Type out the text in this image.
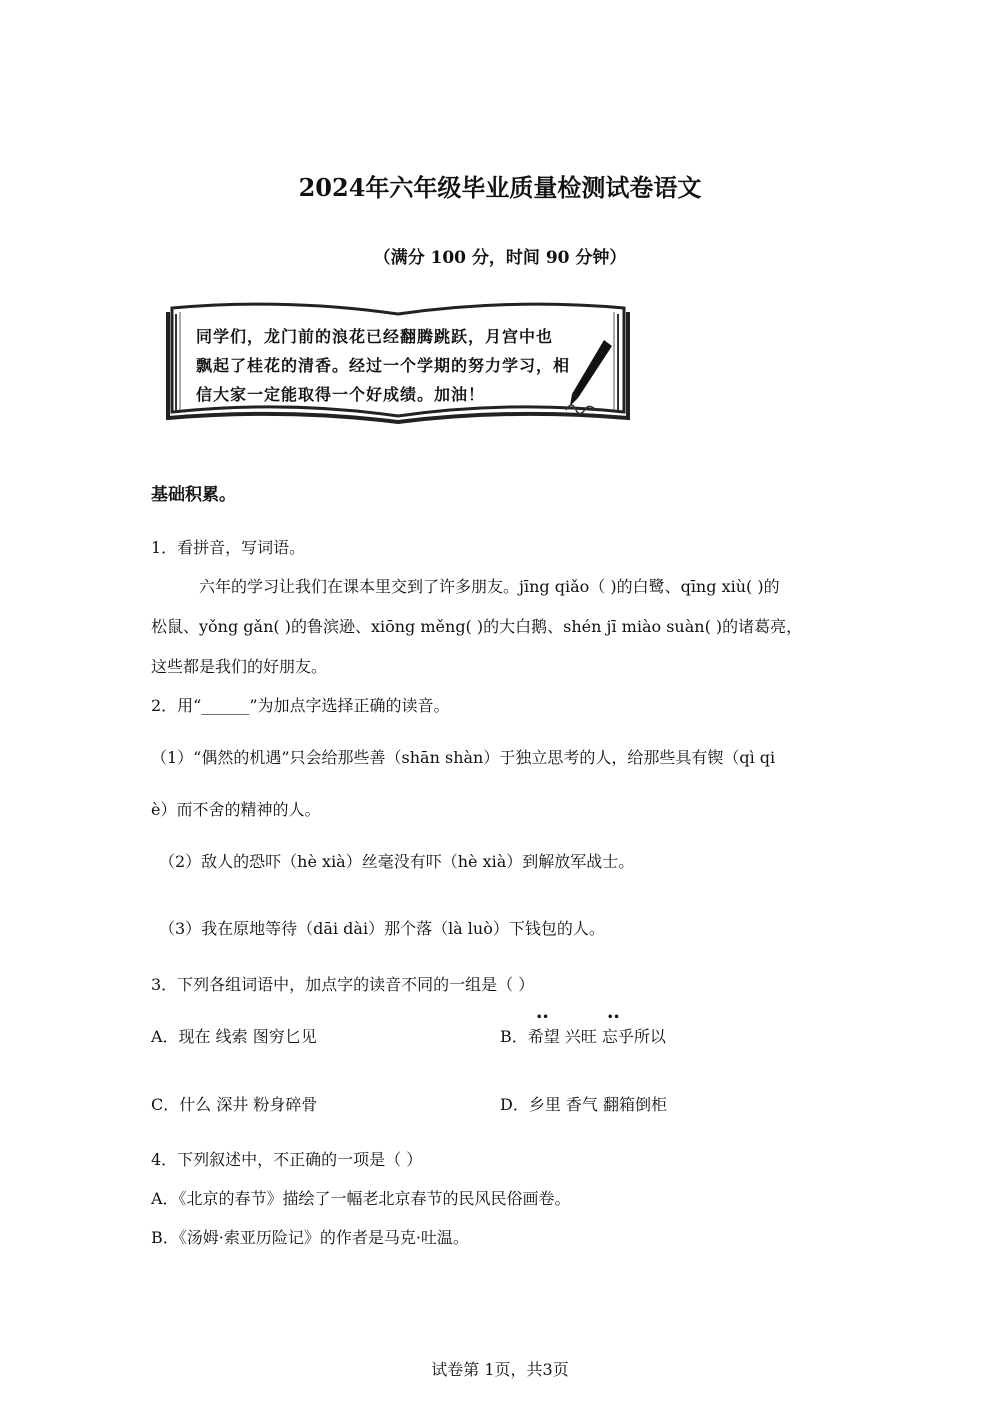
2024年六年级毕业质量检测试卷语文
（满分 100 分，时间 90 分钟）
同学们，龙门前的浪花已经翻腾跳跃，月宫中也
飘起了桂花的清香。经过一个学期的努力学习，相
信大家一定能取得一个好成绩。加油！
基础积累。
1．看拼音，写词语。
六年的学习让我们在课本里交到了许多朋友。jīng qiǎo（ )的白鹭、qīng xiù( )的
松鼠、yǒng gǎn( )的鲁滨逊、xiōng měng( )的大白鹅、shén jī miào suàn( )的诸葛亮，
这些都是我们的好朋友。
2．用“______”为加点字选择正确的读音。
（1）“偶然的机遇”只会给那些善（shān shàn）于独立思考的人，给那些具有锲（qì qi
è）而不舍的精神的人。
（2）敌人的恐吓（hè xià）丝毫没有吓（hè xià）到解放军战士。
（3）我在原地等待（dāi dài）那个落（là luò）下钱包的人。
3．下列各组词语中，加点字的读音不同的一组是（ ）
A．现在 线索 图穷匕见	B．希望 兴旺 忘乎所以
••	••
C．什么 深井 粉身碎骨	D．乡里 香气 翻箱倒柜
4．下列叙述中，不正确的一项是（ ）
A．《北京的春节》描绘了一幅老北京春节的民风民俗画卷。
B．《汤姆·索亚历险记》的作者是马克·吐温。
试卷第 1页，共3页
